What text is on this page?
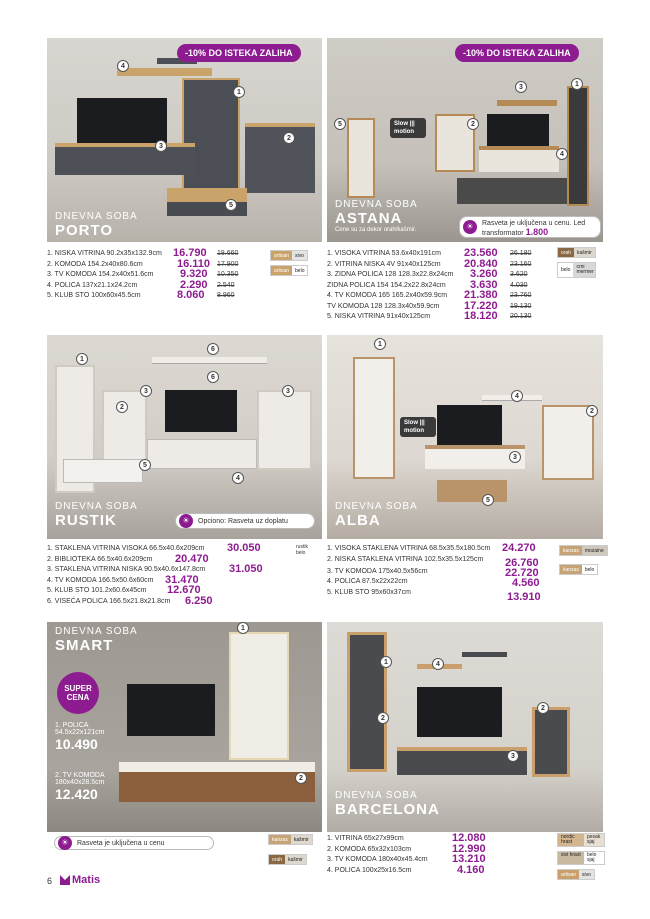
-10% DO ISTEKA ZALIHA
4
1
2
3
5
DNEVNA SOBA
PORTO
1. NISKA VITRINA 90.2x35x132.9cm 16.790 18.660
2. KOMODA 154.2x40x80.6cm	16.110 17.900
3. TV KOMODA 154.2x40x51.6cm 9.320 10.350
4. POLICA 137x21.1x24.2cm	2.290 2.540
5. KLUB STO 100x60x45.5cm	8.060 8.960
artisan	sivo
artisan	belo
-10% DO ISTEKA ZALIHA
Slow ||| motion
3	1
2
5
4
DNEVNA SOBA
ASTANA
Cene su za dekor orah/kašmir.	☀	Rasveta je uključena u cenu. Led transformator 1.800
1. VISOKA VITRINA 53.6x40x191cm 23.560 26.180
2. VITRINA NISKA 4V 91x40x125cm 20.840 23.160
3. ZIDNA POLICA 128 128.3x22.8x24cm 3.260 3.620
ZIDNA POLICA 154 154.2x22.8x24cm 3.630 4.030
4. TV KOMODA 165 165.2x40x59.9cm 21.380 23.760
TV KOMODA 128 128.3x40x59.9cm 17.220 19.130
5. NISKA VITRINA 91x40x125cm	18.120 20.130
orah	kašmir
belo	crni mermer
1
6
6
3	3
2
5
4
DNEVNA SOBA
RUSTIK	☀	Opciono: Rasveta uz doplatu
1. STAKLENA VITRINA VISOKA 66.5x40.6x209cm 30.050
2. BIBLIOTEKA 66.5x40.6x209cm 20.470
3. STAKLENA VITRINA NISKA 90.5x40.6x147.8cm 31.050
4. TV KOMODA 166.5x50.6x60cm 31.470
5. KLUB STO 101.2x60.6x45cm 12.670
6. VISEĆA POLICA 166.5x21.8x21.8cm 6.250
rustik belo
Slow ||| motion
1
4
2
3
5
DNEVNA SOBA
ALBA
1. VISOKA STAKLENA VITRINA 68.5x35.5x180.5cm 24.270
2. NISKA STAKLENA VITRINA 102.5x35.5x125cm 26.760
3. TV KOMODA 175x40.5x56cm	22.720
4. POLICA 87.5x22x22cm	4.560
5. KLUB STO 95x60x37cm	13.910
kanzas	mozaine
kanzas	belo
SUPER CENA
1
2
DNEVNA SOBA
SMART
1. POLICA 54.5x22x121cm
10.490
2. TV KOMODA 180x40x28.5cm
12.420
☀	Rasveta je uključena u cenu	kanzas	kašmir
orah	kašmir
1	4
2
2
3
DNEVNA SOBA
BARCELONA
1. VITRINA 65x27x99cm	12.080
2. KOMODA 65x32x103cm	12.990
3. TV KOMODA 180x40x45.4cm 13.210
4. POLICA 100x25x16.5cm	4.160
nordic hrast
pesak sjaj
sivi hrast	belo sjaj
artisan	sivo
6 Matis
